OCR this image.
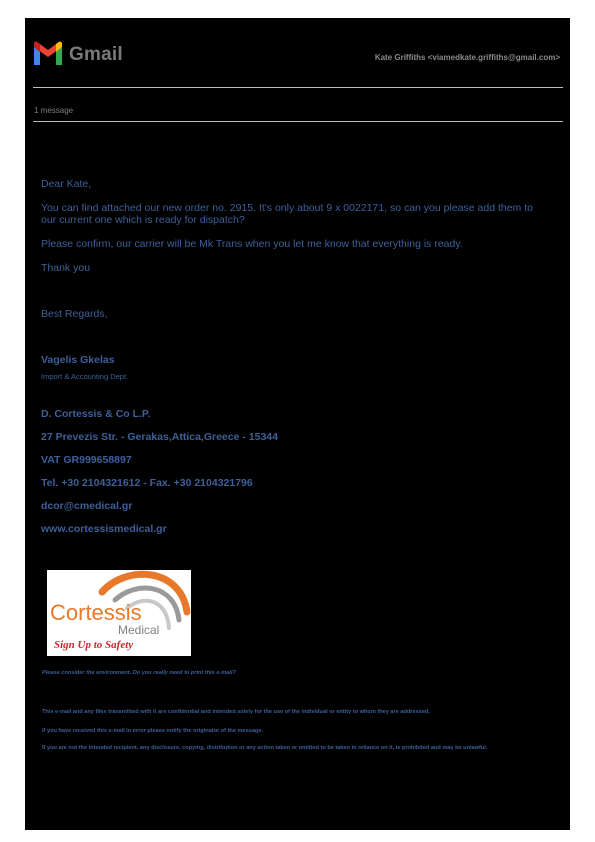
Gmail	Kate Griffiths <viamedkate.griffiths@gmail.com>
1 message

Dear Kate,

You can find attached our new order no. 2915. It's only about 9 x 0022171, so can you please add them to our current one which is ready for dispatch?

Please confirm, our carrier will be Mk Trans when you let me know that everything is ready.

Thank you

Best Regards,

Vagelis Gkelas

Import & Accounting Dept.

D. Cortessis & Co L.P.

27 Prevezis Str. - Gerakas,Attica,Greece - 15344

VAT GR999658897

Tel. +30 2104321612 - Fax. +30 2104321796

dcor@cmedical.gr

www.cortessismedical.gr

Cortessis
Medical
Sign Up to Safety
Please consider the environment. Do you really need to print this e-mail?
This e-mail and any files transmitted with it are confidential and intended solely for the use of the individual or entity to whom they are addressed.
If you have received this e-mail in error please notify the originator of the message.
If you are not the intended recipient, any disclosure, copying, distribution or any action taken or omitted to be taken in reliance on it, is prohibited and may be unlawful.
